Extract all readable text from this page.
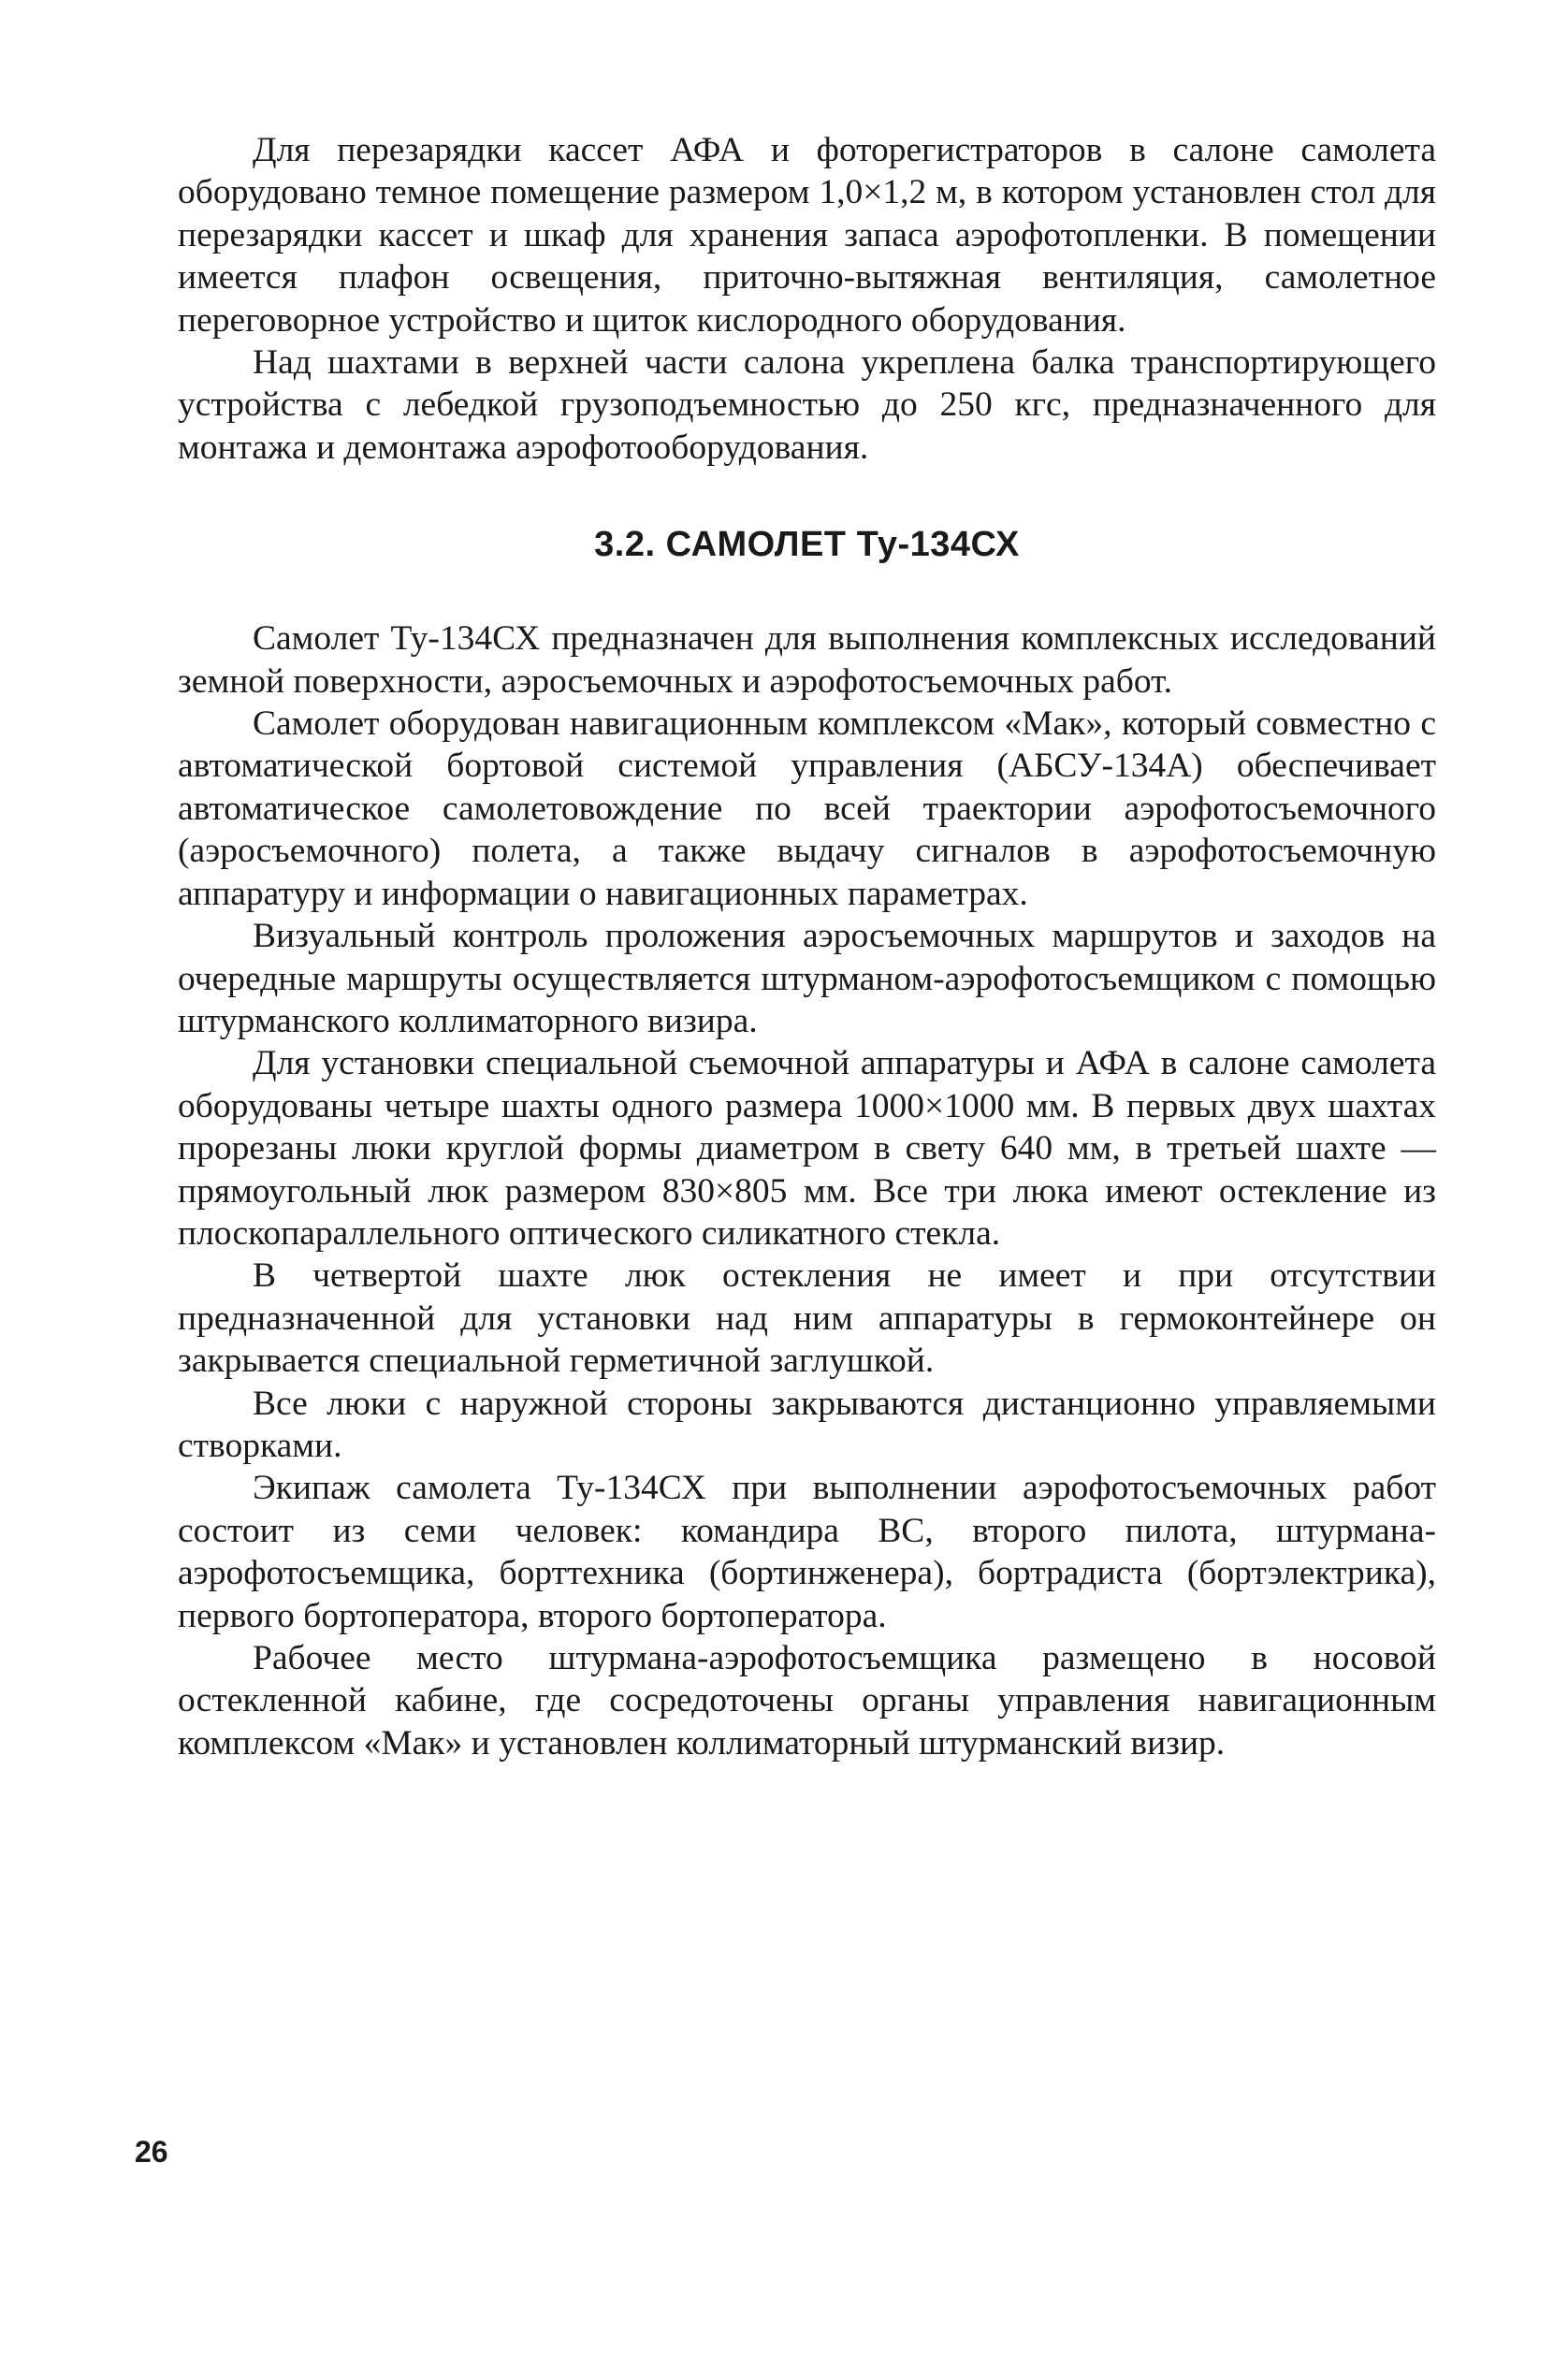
Для перезарядки кассет АФА и фоторегистраторов в салоне самолета оборудовано темное помещение размером 1,0×1,2 м, в котором установлен стол для перезарядки кассет и шкаф для хранения запаса аэрофотопленки. В помещении имеется плафон освещения, приточно-вытяжная вентиляция, самолетное переговорное устройство и щиток кислородного оборудования.

Над шахтами в верхней части салона укреплена балка транспортирующего устройства с лебедкой грузоподъемностью до 250 кгс, предназначенного для монтажа и демонтажа аэрофотооборудования.

3.2. САМОЛЕТ Ту-134СХ

Самолет Ту-134СХ предназначен для выполнения комплексных исследований земной поверхности, аэросъемочных и аэрофотосъемочных работ.

Самолет оборудован навигационным комплексом «Мак», который совместно с автоматической бортовой системой управления (АБСУ-134А) обеспечивает автоматическое самолетовождение по всей траектории аэрофотосъемочного (аэросъемочного) полета, а также выдачу сигналов в аэрофотосъемочную аппаратуру и информации о навигационных параметрах.

Визуальный контроль проложения аэросъемочных маршрутов и заходов на очередные маршруты осуществляется штурманом-аэрофотосъемщиком с помощью штурманского коллиматорного визира.

Для установки специальной съемочной аппаратуры и АФА в салоне самолета оборудованы четыре шахты одного размера 1000×1000 мм. В первых двух шахтах прорезаны люки круглой формы диаметром в свету 640 мм, в третьей шахте — прямоугольный люк размером 830×805 мм. Все три люка имеют остекление из плоскопараллельного оптического силикатного стекла.

В четвертой шахте люк остекления не имеет и при отсутствии предназначенной для установки над ним аппаратуры в гермоконтейнере он закрывается специальной герметичной заглушкой.

Все люки с наружной стороны закрываются дистанционно управляемыми створками.

Экипаж самолета Ту-134СХ при выполнении аэрофотосъемочных работ состоит из семи человек: командира ВС, второго пилота, штурмана-аэрофотосъемщика, борттехника (бортинженера), бортрадиста (бортэлектрика), первого бортоператора, второго бортоператора.

Рабочее место штурмана-аэрофотосъемщика размещено в носовой остекленной кабине, где сосредоточены органы управления навигационным комплексом «Мак» и установлен коллиматорный штурманский визир.

26
